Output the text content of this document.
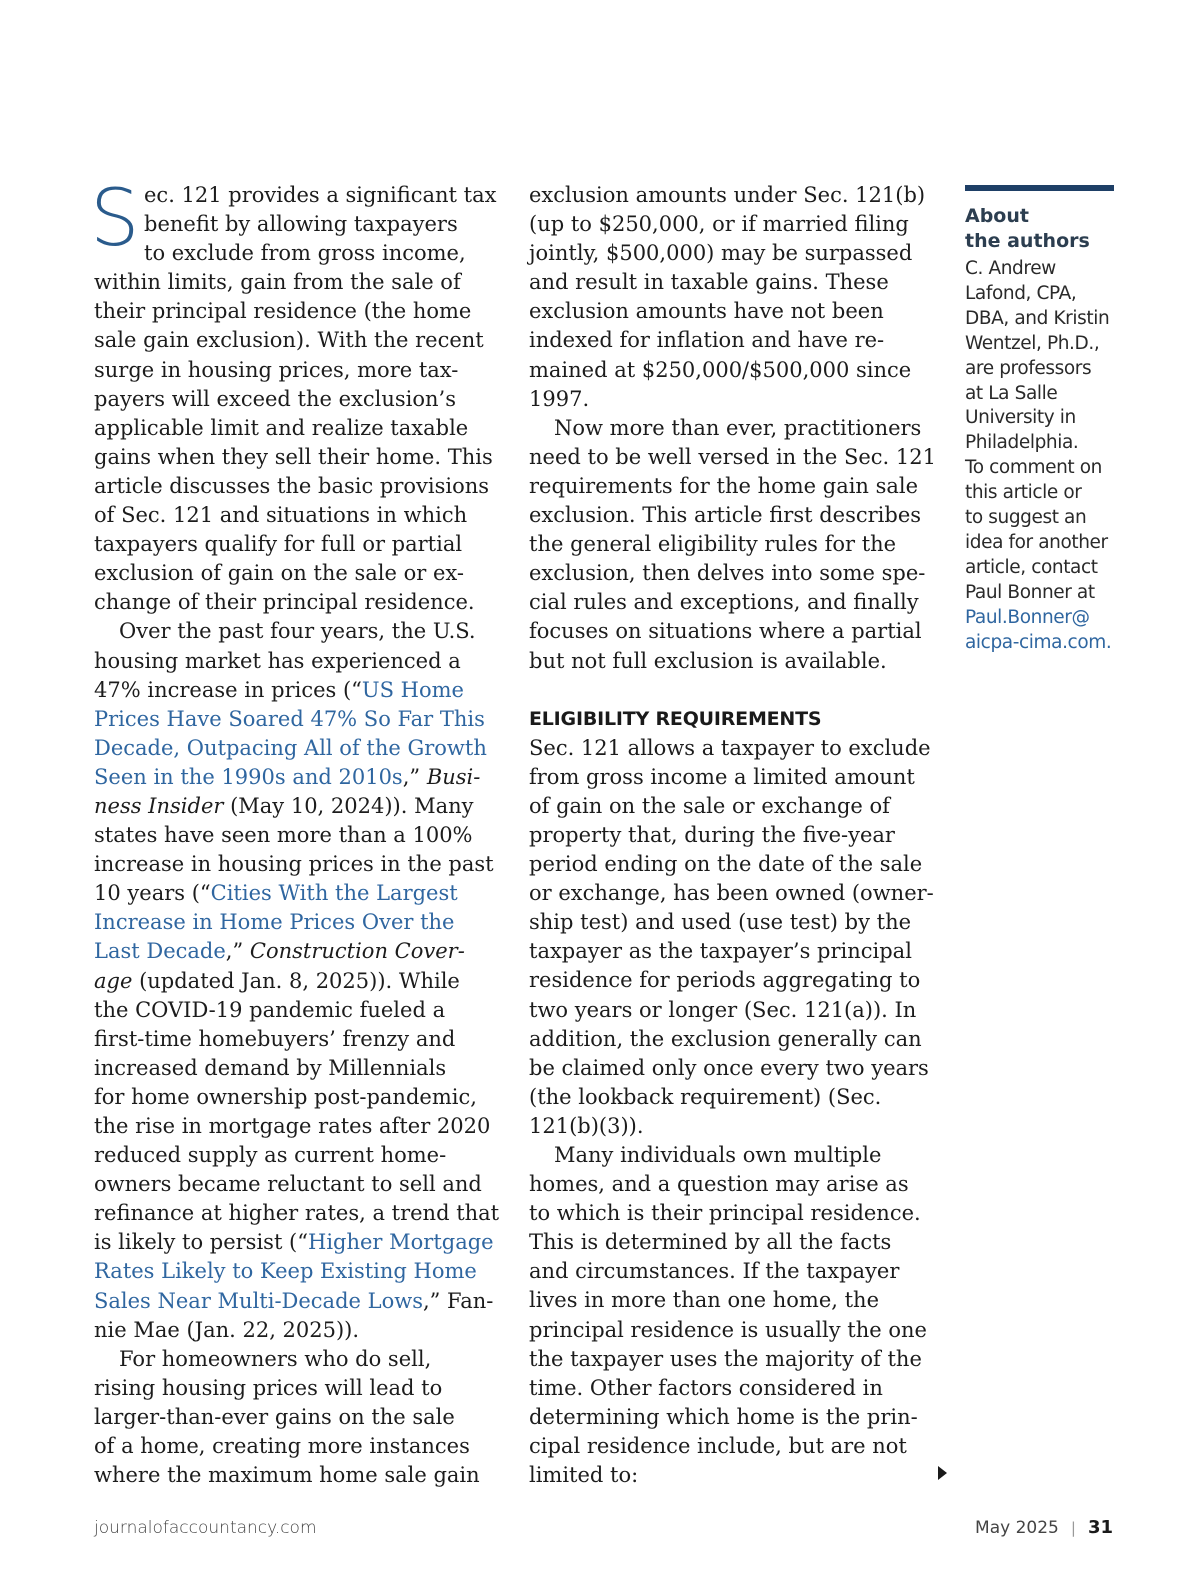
S ec. 121 provides a significant tax
benefit by allowing taxpayers
to exclude from gross income,
within limits, gain from the sale of
their principal residence (the home
sale gain exclusion). With the recent
surge in housing prices, more tax-
payers will exceed the exclusion’s
applicable limit and realize taxable
gains when they sell their home. This
article discusses the basic provisions
of Sec. 121 and situations in which
taxpayers qualify for full or partial
exclusion of gain on the sale or ex-
change of their principal residence.
Over the past four years, the U.S.
housing market has experienced a
47% increase in prices (“US Home
Prices Have Soared 47% So Far This
Decade, Outpacing All of the Growth
Seen in the 1990s and 2010s,” Busi-
ness Insider (May 10, 2024)). Many
states have seen more than a 100%
increase in housing prices in the past
10 years (“Cities With the Largest
Increase in Home Prices Over the
Last Decade,” Construction Cover-
age (updated Jan. 8, 2025)). While
the COVID-19 pandemic fueled a
first-time homebuyers’ frenzy and
increased demand by Millennials
for home ownership post-pandemic,
the rise in mortgage rates after 2020
reduced supply as current home-
owners became reluctant to sell and
refinance at higher rates, a trend that
is likely to persist (“Higher Mortgage
Rates Likely to Keep Existing Home
Sales Near Multi-Decade Lows,” Fan-
nie Mae (Jan. 22, 2025)).
For homeowners who do sell,
rising housing prices will lead to
larger-than-ever gains on the sale
of a home, creating more instances
where the maximum home sale gain
exclusion amounts under Sec. 121(b)
(up to $250,000, or if married filing
jointly, $500,000) may be surpassed
and result in taxable gains. These
exclusion amounts have not been
indexed for inflation and have re-
mained at $250,000/$500,000 since
1997.
Now more than ever, practitioners
need to be well versed in the Sec. 121
requirements for the home gain sale
exclusion. This article first describes
the general eligibility rules for the
exclusion, then delves into some spe-
cial rules and exceptions, and finally
focuses on situations where a partial
but not full exclusion is available.
ELIGIBILITY REQUIREMENTS
Sec. 121 allows a taxpayer to exclude
from gross income a limited amount
of gain on the sale or exchange of
property that, during the five-year
period ending on the date of the sale
or exchange, has been owned (owner-
ship test) and used (use test) by the
taxpayer as the taxpayer’s principal
residence for periods aggregating to
two years or longer (Sec. 121(a)). In
addition, the exclusion generally can
be claimed only once every two years
(the lookback requirement) (Sec.
121(b)(3)).
Many individuals own multiple
homes, and a question may arise as
to which is their principal residence.
This is determined by all the facts
and circumstances. If the taxpayer
lives in more than one home, the
principal residence is usually the one
the taxpayer uses the majority of the
time. Other factors considered in
determining which home is the prin-
cipal residence include, but are not
limited to:
About
the authors
C. Andrew
Lafond, CPA,
DBA, and Kristin
Wentzel, Ph.D.,
are professors
at La Salle
University in
Philadelphia.
To comment on
this article or
to suggest an
idea for another
article, contact
Paul Bonner at
Paul.Bonner@
aicpa-cima.com.
journalofaccountancy.com	May 2025 | 31
